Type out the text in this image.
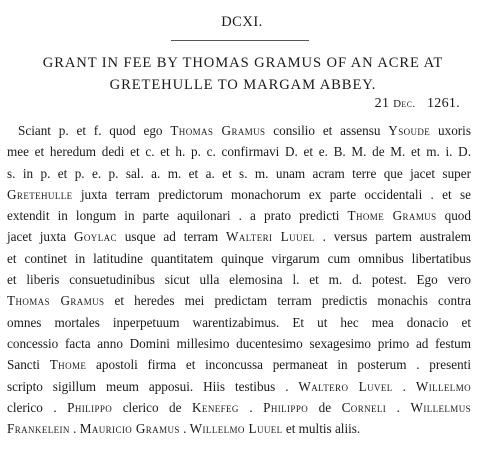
DCXI.
GRANT IN FEE BY THOMAS GRAMUS OF AN ACRE AT
GRETEHULLE TO MARGAM ABBEY.
21 Dec. 1261.
Sciant p. et f. quod ego Thomas Gramus consilio et assensu Ysoude uxoris
mee et heredum dedi et c. et h. p. c. confirmavi D. et e. B. M. de M. et m. i. D.
s. in p. et p. e. p. sal. a. m. et a. et s. m. unam acram terre que jacet super
Gretehulle juxta terram predictorum monachorum ex parte occidentali . et se
extendit in longum in parte aquilonari . a prato predicti Thome Gramus quod
jacet juxta Goylac usque ad terram Walteri Luuel . versus partem australem
et continet in latitudine quantitatem quinque virgarum cum omnibus libertatibus
et liberis consuetudinibus sicut ulla elemosina l. et m. d. potest. Ego vero
Thomas Gramus et heredes mei predictam terram predictis monachis contra
omnes mortales inperpetuum warentizabimus. Et ut hec mea donacio et
concessio facta anno Domini millesimo ducentesimo sexagesimo primo ad festum
Sancti Thome apostoli firma et inconcussa permaneat in posterum . presenti
scripto sigillum meum apposui. Hiis testibus . Waltero Luvel . Willelmo
clerico . Philippo clerico de Kenefeg . Philippo de Corneli . Willelmus
Frankelein . Mauricio Gramus . Willelmo Luuel et multis aliis.
